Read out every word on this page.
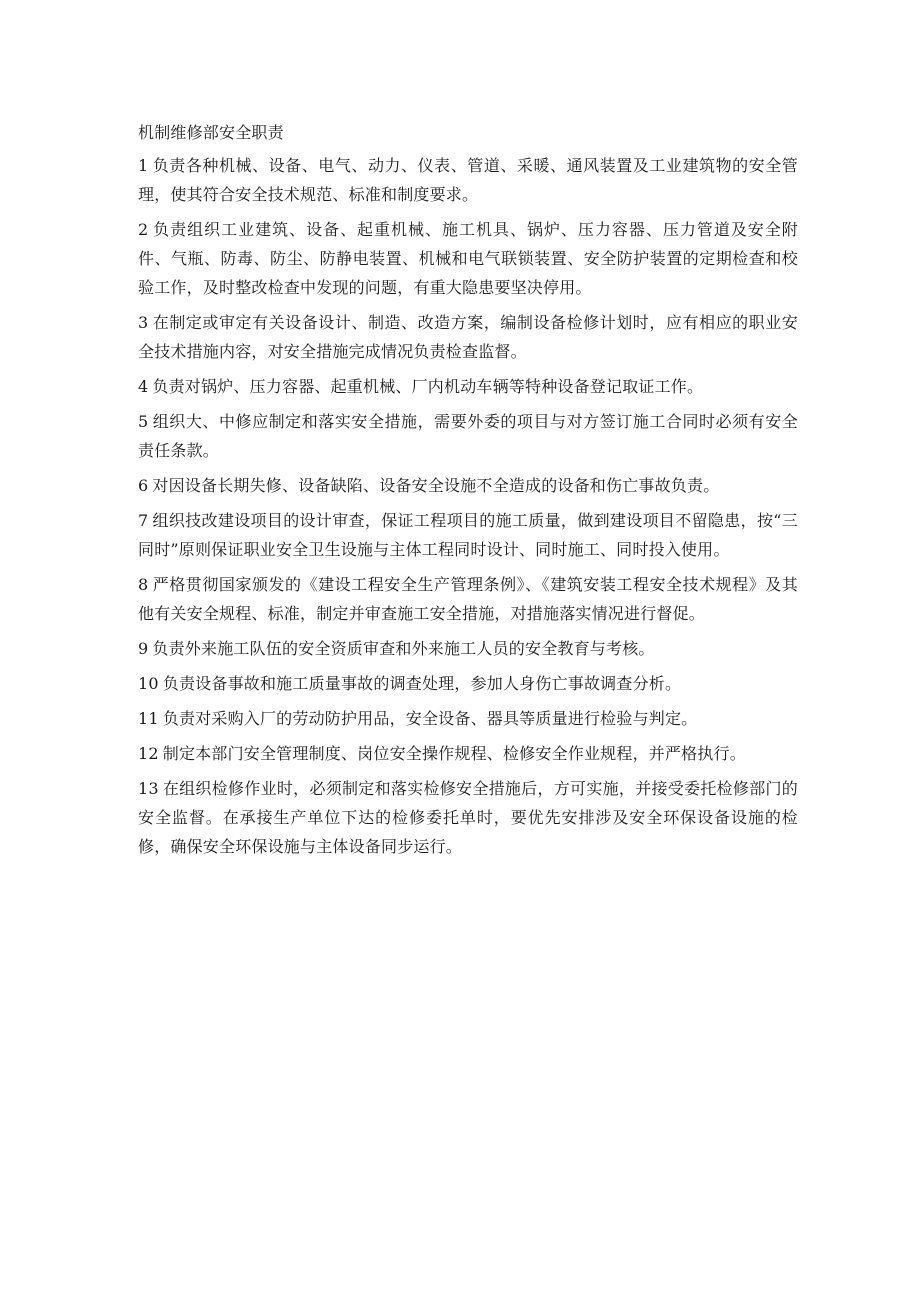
机制维修部安全职责
1 负责各种机械、设备、电气、动力、仪表、管道、采暖、通风装置及工业建筑物的安全管理，使其符合安全技术规范、标准和制度要求。
2 负责组织工业建筑、设备、起重机械、施工机具、锅炉、压力容器、压力管道及安全附件、气瓶、防毒、防尘、防静电装置、机械和电气联锁装置、安全防护装置的定期检查和校验工作，及时整改检查中发现的问题，有重大隐患要坚决停用。
3 在制定或审定有关设备设计、制造、改造方案，编制设备检修计划时，应有相应的职业安全技术措施内容，对安全措施完成情况负责检查监督。
4 负责对锅炉、压力容器、起重机械、厂内机动车辆等特种设备登记取证工作。
5 组织大、中修应制定和落实安全措施，需要外委的项目与对方签订施工合同时必须有安全责任条款。
6 对因设备长期失修、设备缺陷、设备安全设施不全造成的设备和伤亡事故负责。
7 组织技改建设项目的设计审查，保证工程项目的施工质量，做到建设项目不留隐患，按“三同时”原则保证职业安全卫生设施与主体工程同时设计、同时施工、同时投入使用。
8 严格贯彻国家颁发的《建设工程安全生产管理条例》、《建筑安装工程安全技术规程》及其他有关安全规程、标准，制定并审查施工安全措施，对措施落实情况进行督促。
9 负责外来施工队伍的安全资质审查和外来施工人员的安全教育与考核。
10 负责设备事故和施工质量事故的调查处理，参加人身伤亡事故调查分析。
11 负责对采购入厂的劳动防护用品，安全设备、器具等质量进行检验与判定。
12 制定本部门安全管理制度、岗位安全操作规程、检修安全作业规程，并严格执行。
13 在组织检修作业时，必须制定和落实检修安全措施后，方可实施，并接受委托检修部门的安全监督。在承接生产单位下达的检修委托单时，要优先安排涉及安全环保设备设施的检修，确保安全环保设施与主体设备同步运行。
